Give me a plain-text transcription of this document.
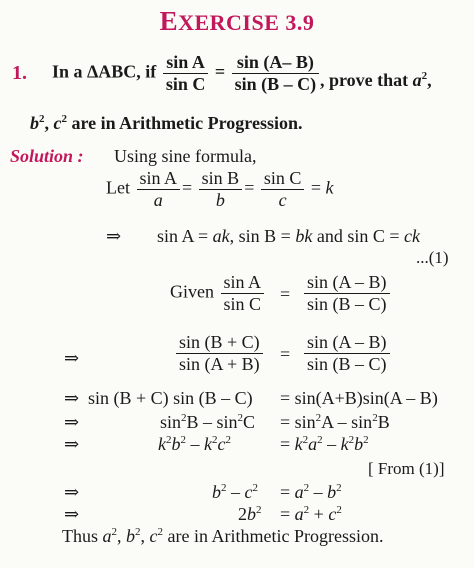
EXERCISE 3.9
1. In a ΔABC, if $\frac{\text{sin A}}{\text{sin C}} = \frac{\sin (A- B)}{\sin (B - C)}$ , prove that $a^2$,
$b^2$, $c^2$ are in Arithmetic Progression.
Solution : Using sine formula,
Let $\frac{\text{sin A}}{a} = \frac{\text{sin B}}{b} = \frac{\text{sin C}}{c} = k$
⇒ sin A = ak, sin B = bk and sin C = ck
...(1)
Given $\frac{\text{sin A}}{\text{sin C}} = \frac{\sin (A - B)}{\sin (B - C)}$
⇒	$\frac{\sin (B + C)}{\sin (A + B)} = \frac{\sin (A - B)}{\sin (B - C)}$
⇒ sin (B + C) sin (B – C) = sin(A+B)sin(A – B)
⇒	$\sin^2B - \sin^2C = \sin^2A - \sin^2B$
⇒	$k^2b^2 - k^2c^2$	= $k^2a^2 - k^2b^2$
[ From (1)]
⇒	$b^2 - c^2 = a^2 - b^2$
⇒	$2b^2 = a^2 + c^2$
Thus $a^2$, $b^2$, $c^2$ are in Arithmetic Progression.
